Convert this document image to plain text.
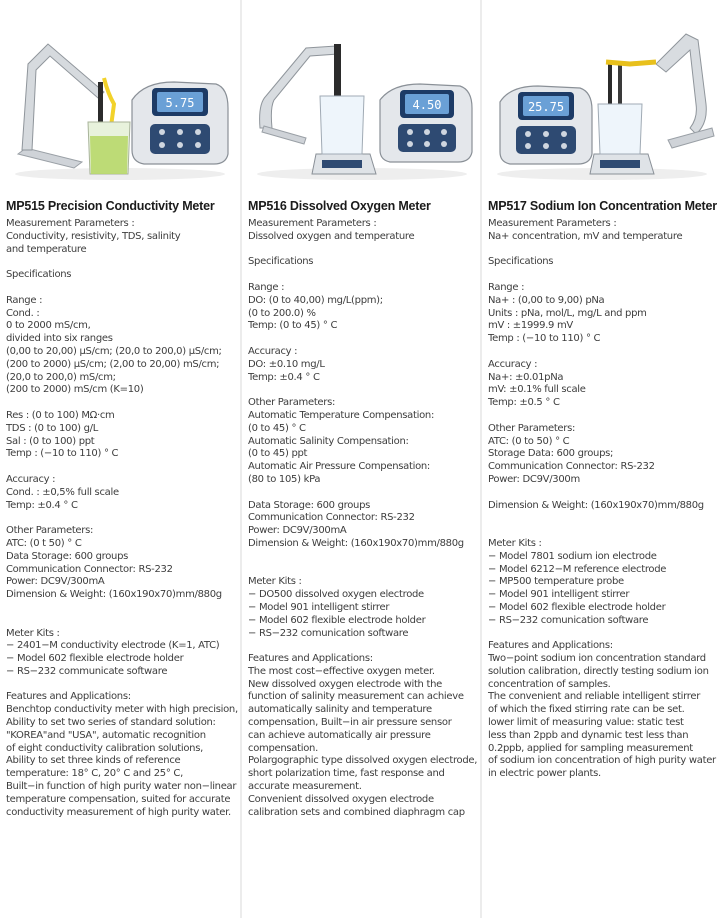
5.75
MP515 Precision Conductivity Meter
Measurement Parameters :
Conductivity, resistivity, TDS, salinity
and temperature
Specifications
Range :
Cond. :
0 to 2000 mS/cm,
divided into six ranges
(0,00 to 20,00) μS/cm; (20,0 to 200,0) μS/cm;
(200 to 2000) μS/cm; (2,00 to 20,00) mS/cm;
(20,0 to 200,0) mS/cm;
(200 to 2000) mS/cm (K=10)
Res : (0 to 100) MΩ·cm
TDS : (0 to 100) g/L
Sal : (0 to 100) ppt
Temp : (−10 to 110) ° C
Accuracy :
Cond. : ±0,5% full scale
Temp: ±0.4 ° C
Other Parameters:
ATC: (0 t 50) ° C
Data Storage: 600 groups
Communication Connector: RS-232
Power: DC9V/300mA
Dimension & Weight: (160x190x70)mm/880g
Meter Kits :
− 2401−M conductivity electrode (K=1, ATC)
− Model 602 flexible electrode holder
− RS−232 communicate software
Features and Applications:
Benchtop conductivity meter with high precision,
Ability to set two series of standard solution:
"KOREA"and "USA", automatic recognition
of eight conductivity calibration solutions,
Ability to set three kinds of reference
temperature: 18° C, 20° C and 25° C,
Built−in function of high purity water non−linear
temperature compensation, suited for accurate
conductivity measurement of high purity water.
4.50
MP516 Dissolved Oxygen Meter
Measurement Parameters :
Dissolved oxygen and temperature
Specifications
Range :
DO: (0 to 40,00) mg/L(ppm);
(0 to 200.0) %
Temp: (0 to 45) ° C
Accuracy :
DO: ±0.10 mg/L
Temp: ±0.4 ° C
Other Parameters:
Automatic Temperature Compensation:
(0 to 45) ° C
Automatic Salinity Compensation:
(0 to 45) ppt
Automatic Air Pressure Compensation:
(80 to 105) kPa
Data Storage: 600 groups
Communication Connector: RS-232
Power: DC9V/300mA
Dimension & Weight: (160x190x70)mm/880g
Meter Kits :
− DO500 dissolved oxygen electrode
− Model 901 intelligent stirrer
− Model 602 flexible electrode holder
− RS−232 comunication software
Features and Applications:
The most cost−effective oxygen meter.
New dissolved oxygen electrode with the
function of salinity measurement can achieve
automatically salinity and temperature
compensation, Built−in air pressure sensor
can achieve automatically air pressure
compensation.
Polargographic type dissolved oxygen electrode,
short polarization time, fast response and
accurate measurement.
Convenient dissolved oxygen electrode
calibration sets and combined diaphragm cap
25.75
MP517 Sodium Ion Concentration Meter
Measurement Parameters :
Na+ concentration, mV and temperature
Specifications
Range :
Na+ : (0,00 to 9,00) pNa
Units : pNa, mol/L, mg/L and ppm
mV : ±1999.9 mV
Temp : (−10 to 110) ° C
Accuracy :
Na+: ±0.01pNa
mV: ±0.1% full scale
Temp: ±0.5 ° C
Other Parameters:
ATC: (0 to 50) ° C
Storage Data: 600 groups;
Communication Connector: RS-232
Power: DC9V/300m
Dimension & Weight: (160x190x70)mm/880g
Meter Kits :
− Model 7801 sodium ion electrode
− Model 6212−M reference electrode
− MP500 temperature probe
− Model 901 intelligent stirrer
− Model 602 flexible electrode holder
− RS−232 comunication software
Features and Applications:
Two−point sodium ion concentration standard
solution calibration, directly testing sodium ion
concentration of samples.
The convenient and reliable intelligent stirrer
of which the fixed stirring rate can be set.
lower limit of measuring value: static test
less than 2ppb and dynamic test less than
0.2ppb, applied for sampling measurement
of sodium ion concentration of high purity water
in electric power plants.
